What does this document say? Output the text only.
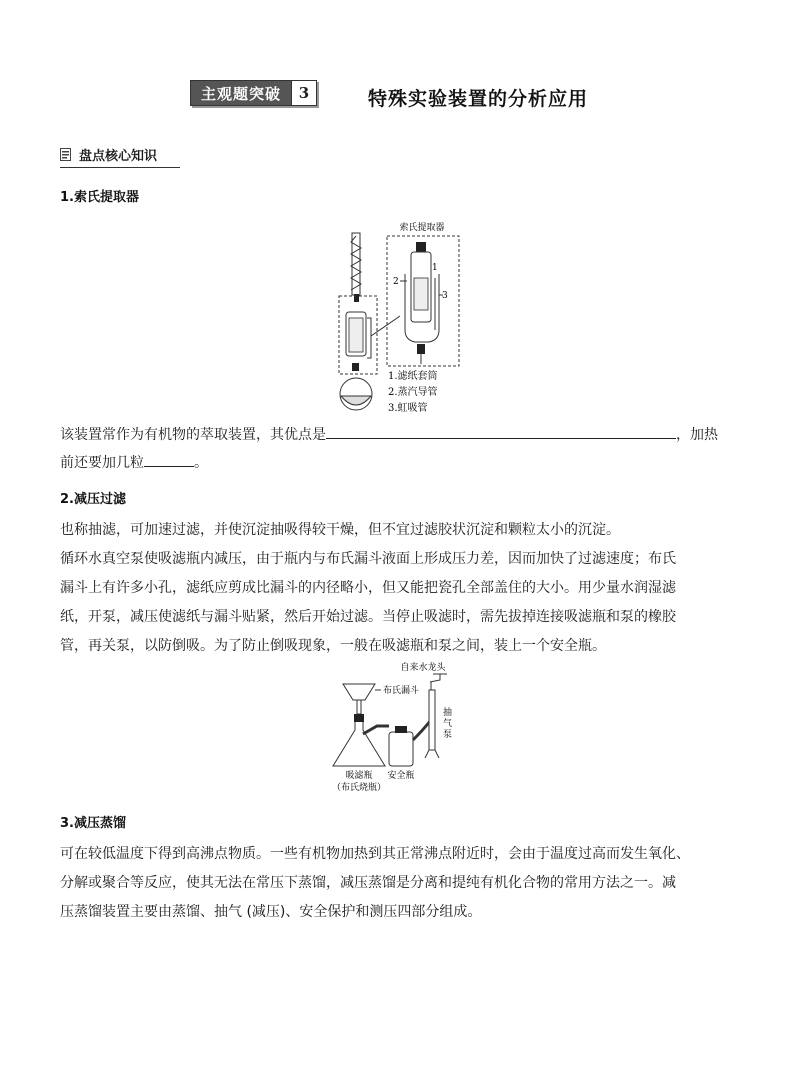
主观题突破	3	特殊实验装置的分析应用
盘点核心知识
1.索氏提取器
索氏提取器
1
2
3
1.滤纸套筒
2.蒸汽导管
3.虹吸管
该装置常作为有机物的萃取装置，其优点是	，加热
前还要加几粒	。
2.减压过滤
也称抽滤，可加速过滤，并使沉淀抽吸得较干燥，但不宜过滤胶状沉淀和颗粒太小的沉淀。
循环水真空泵使吸滤瓶内减压，由于瓶内与布氏漏斗液面上形成压力差，因而加快了过滤速度；布氏
漏斗上有许多小孔，滤纸应剪成比漏斗的内径略小，但又能把瓷孔全部盖住的大小。用少量水润湿滤
纸，开泵，减压使滤纸与漏斗贴紧，然后开始过滤。当停止吸滤时，需先拔掉连接吸滤瓶和泵的橡胶
管，再关泵，以防倒吸。为了防止倒吸现象，一般在吸滤瓶和泵之间，装上一个安全瓶。
自来水龙头
布氏漏斗
抽
气
泵
吸滤瓶
（布氏烧瓶）
安全瓶
3.减压蒸馏
可在较低温度下得到高沸点物质。一些有机物加热到其正常沸点附近时，会由于温度过高而发生氧化、
分解或聚合等反应，使其无法在常压下蒸馏，减压蒸馏是分离和提纯有机化合物的常用方法之一。减
压蒸馏装置主要由蒸馏、抽气 (减压)、安全保护和测压四部分组成。
